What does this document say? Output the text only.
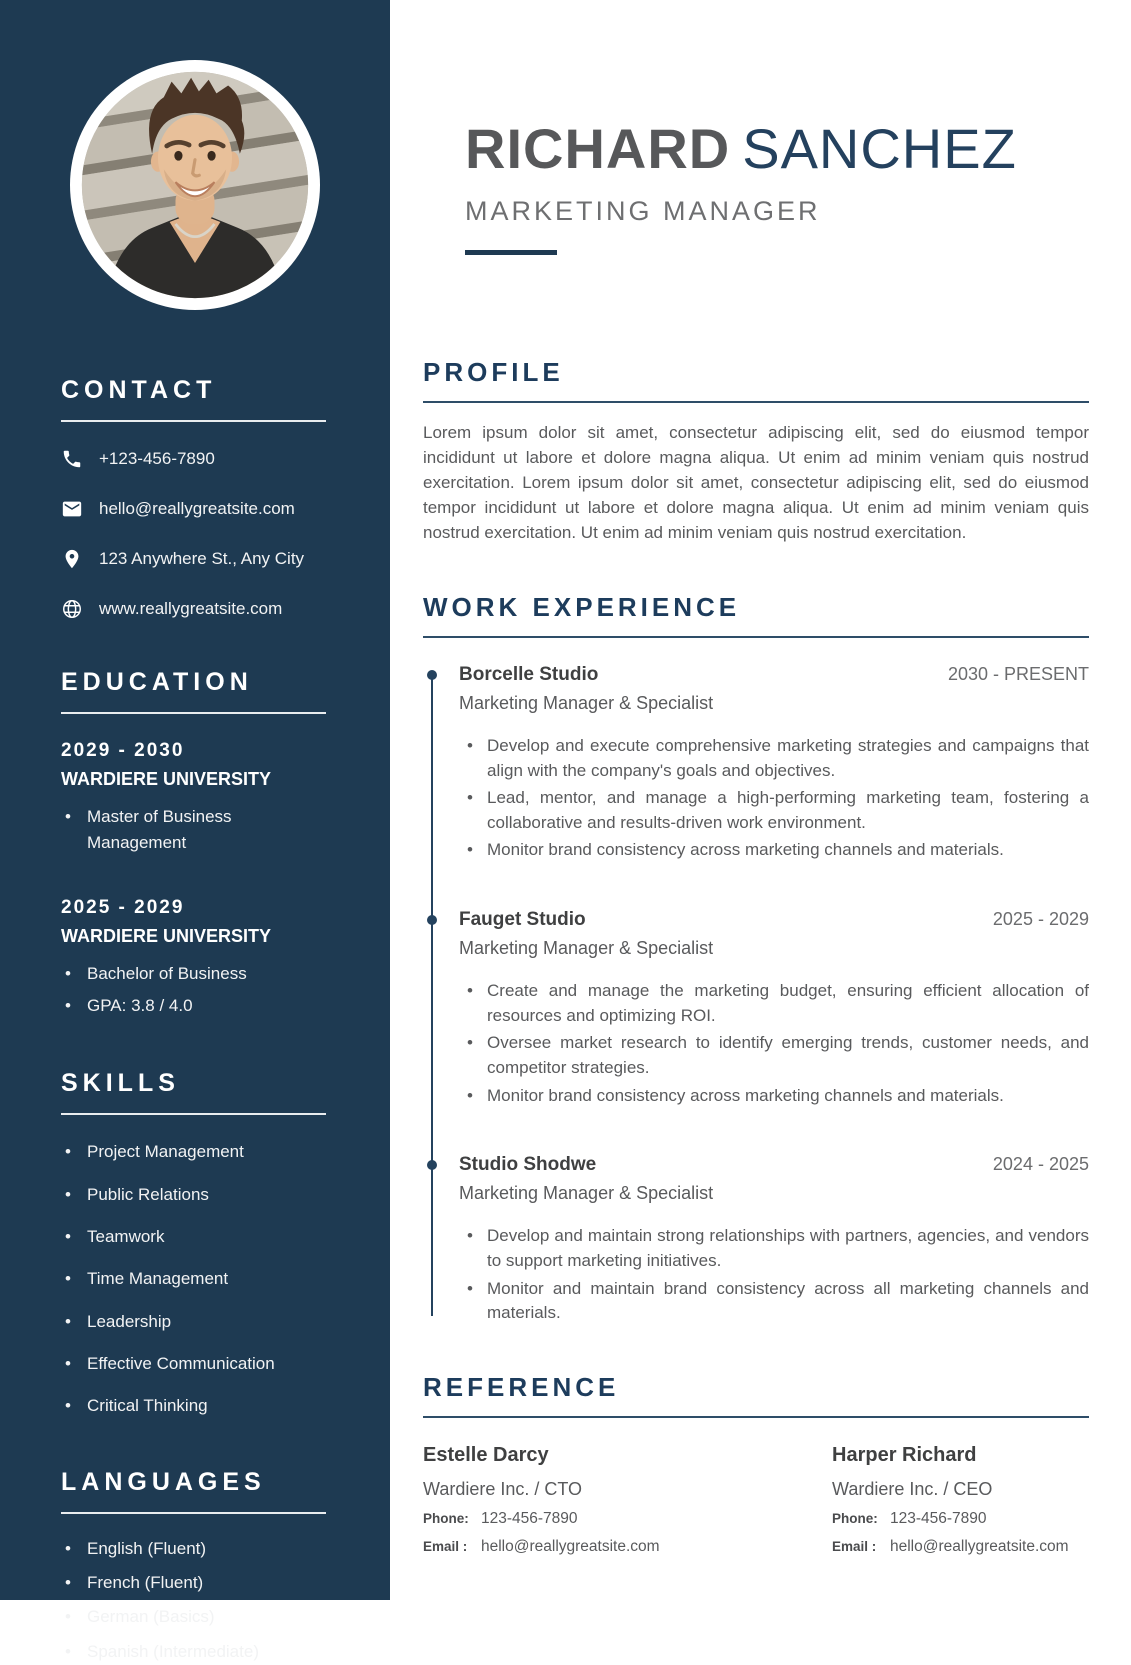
CONTACT
+123-456-7890
hello@reallygreatsite.com
123 Anywhere St., Any City
www.reallygreatsite.com
EDUCATION
2029 - 2030
WARDIERE UNIVERSITY
• Master of Business Management
2025 - 2029
WARDIERE UNIVERSITY
• Bachelor of Business
• GPA: 3.8 / 4.0
SKILLS
• Project Management
• Public Relations
• Teamwork
• Time Management
• Leadership
• Effective Communication
• Critical Thinking
LANGUAGES
• English (Fluent)
• French (Fluent)
• German (Basics)
• Spanish (Intermediate)
RICHARD SANCHEZ
MARKETING MANAGER
PROFILE

Lorem ipsum dolor sit amet, consectetur adipiscing elit, sed do eiusmod tempor incididunt ut labore et dolore magna aliqua. Ut enim ad minim veniam quis nostrud exercitation. Lorem ipsum dolor sit amet, consectetur adipiscing elit, sed do eiusmod tempor incididunt ut labore et dolore magna aliqua. Ut enim ad minim veniam quis nostrud exercitation. Ut enim ad minim veniam quis nostrud exercitation.

WORK EXPERIENCE
Borcelle Studio
Marketing Manager & Specialist
2030 - PRESENT
• Develop and execute comprehensive marketing strategies and campaigns that align with the company's goals and objectives.
• Lead, mentor, and manage a high-performing marketing team, fostering a collaborative and results-driven work environment.
• Monitor brand consistency across marketing channels and materials.
Fauget Studio
Marketing Manager & Specialist
2025 - 2029
• Create and manage the marketing budget, ensuring efficient allocation of resources and optimizing ROI.
• Oversee market research to identify emerging trends, customer needs, and competitor strategies.
• Monitor brand consistency across marketing channels and materials.
Studio Shodwe
Marketing Manager & Specialist
2024 - 2025
• Develop and maintain strong relationships with partners, agencies, and vendors to support marketing initiatives.
• Monitor and maintain brand consistency across all marketing channels and materials.
REFERENCE
Estelle Darcy
Wardiere Inc. / CTO
Phone: 123-456-7890
Email : hello@reallygreatsite.com
Harper Richard
Wardiere Inc. / CEO
Phone: 123-456-7890
Email : hello@reallygreatsite.com
